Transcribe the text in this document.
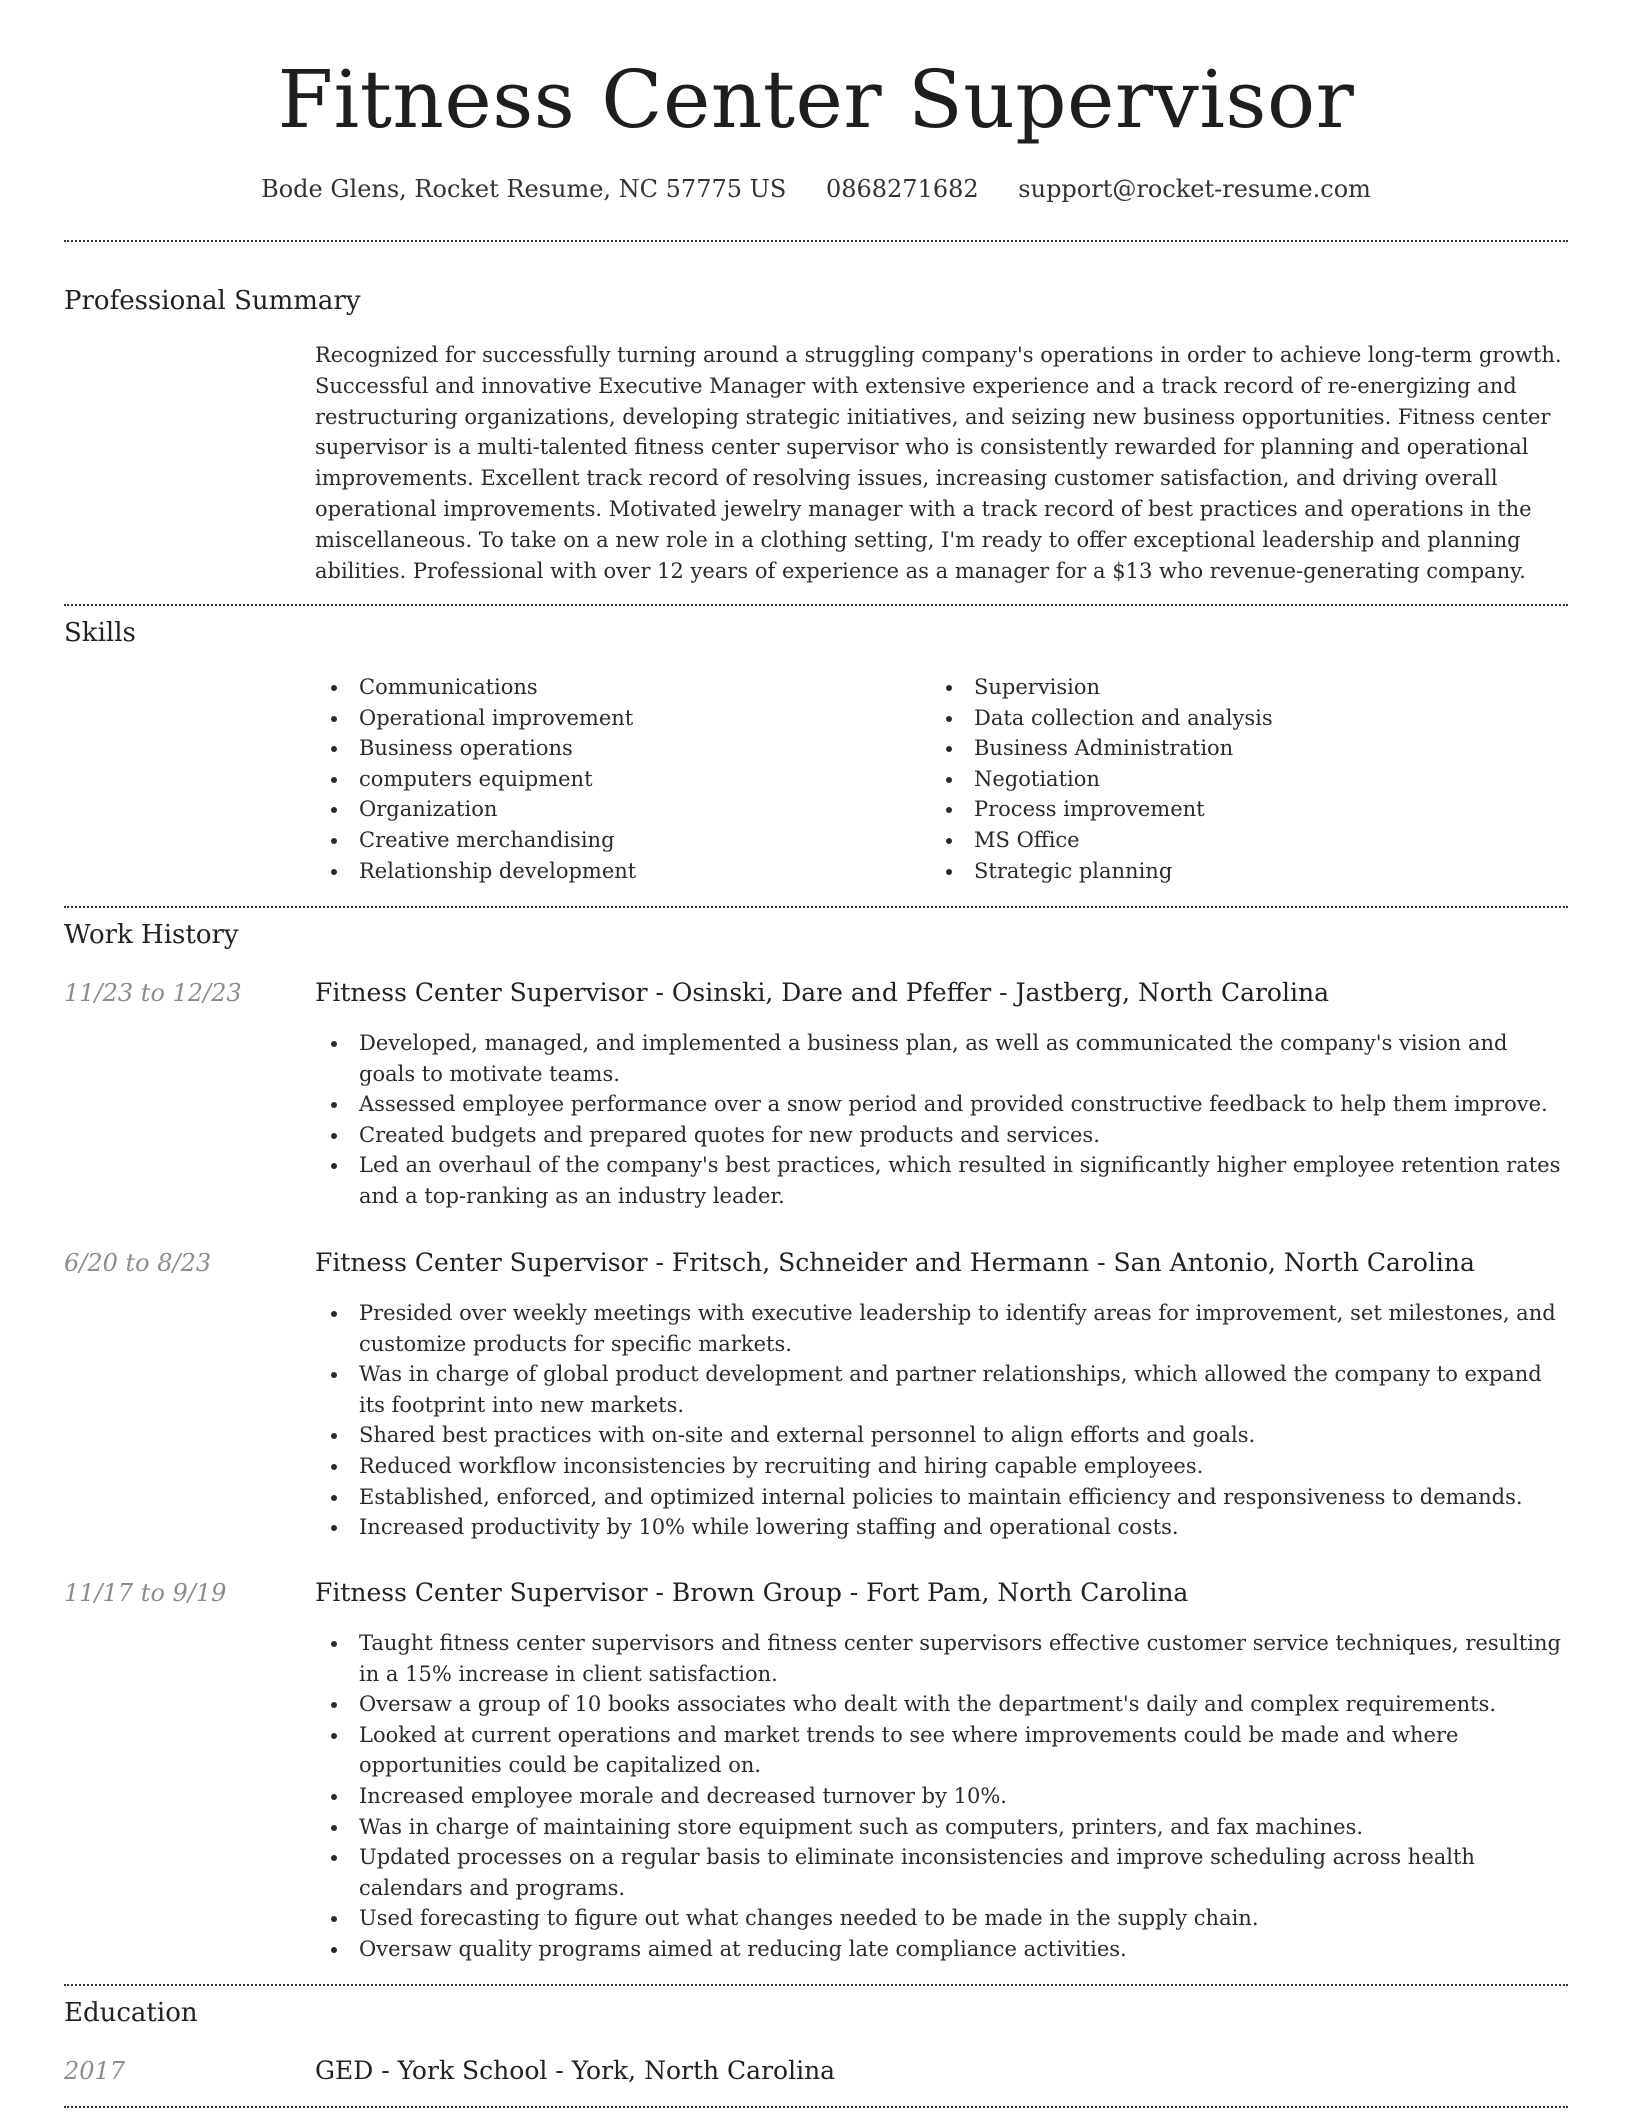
Fitness Center Supervisor
Bode Glens, Rocket Resume, NC 57775 US 0868271682 support@rocket-resume.com
Professional Summary

Recognized for successfully turning around a struggling company's operations in order to achieve long-term growth. Successful and innovative Executive Manager with extensive experience and a track record of re-energizing and restructuring organizations, developing strategic initiatives, and seizing new business opportunities. Fitness center supervisor is a multi-talented fitness center supervisor who is consistently rewarded for planning and operational improvements. Excellent track record of resolving issues, increasing customer satisfaction, and driving overall operational improvements. Motivated jewelry manager with a track record of best practices and operations in the miscellaneous. To take on a new role in a clothing setting, I'm ready to offer exceptional leadership and planning abilities. Professional with over 12 years of experience as a manager for a $13 who revenue-generating company.

Skills
Communications
Operational improvement
Business operations
computers equipment
Organization
Creative merchandising
Relationship development
Supervision
Data collection and analysis
Business Administration
Negotiation
Process improvement
MS Office
Strategic planning
Work History
11/23 to 12/23	Fitness Center Supervisor - Osinski, Dare and Pfeffer - Jastberg, North Carolina
Developed, managed, and implemented a business plan, as well as communicated the company's vision and goals to motivate teams.
Assessed employee performance over a snow period and provided constructive feedback to help them improve.
Created budgets and prepared quotes for new products and services.
Led an overhaul of the company's best practices, which resulted in significantly higher employee retention rates and a top-ranking as an industry leader.
6/20 to 8/23	Fitness Center Supervisor - Fritsch, Schneider and Hermann - San Antonio, North Carolina
Presided over weekly meetings with executive leadership to identify areas for improvement, set milestones, and customize products for specific markets.
Was in charge of global product development and partner relationships, which allowed the company to expand its footprint into new markets.
Shared best practices with on-site and external personnel to align efforts and goals.
Reduced workflow inconsistencies by recruiting and hiring capable employees.
Established, enforced, and optimized internal policies to maintain efficiency and responsiveness to demands.
Increased productivity by 10% while lowering staffing and operational costs.
11/17 to 9/19	Fitness Center Supervisor - Brown Group - Fort Pam, North Carolina
Taught fitness center supervisors and fitness center supervisors effective customer service techniques, resulting in a 15% increase in client satisfaction.
Oversaw a group of 10 books associates who dealt with the department's daily and complex requirements.
Looked at current operations and market trends to see where improvements could be made and where opportunities could be capitalized on.
Increased employee morale and decreased turnover by 10%.
Was in charge of maintaining store equipment such as computers, printers, and fax machines.
Updated processes on a regular basis to eliminate inconsistencies and improve scheduling across health calendars and programs.
Used forecasting to figure out what changes needed to be made in the supply chain.
Oversaw quality programs aimed at reducing late compliance activities.
Education
2017	GED - York School - York, North Carolina
